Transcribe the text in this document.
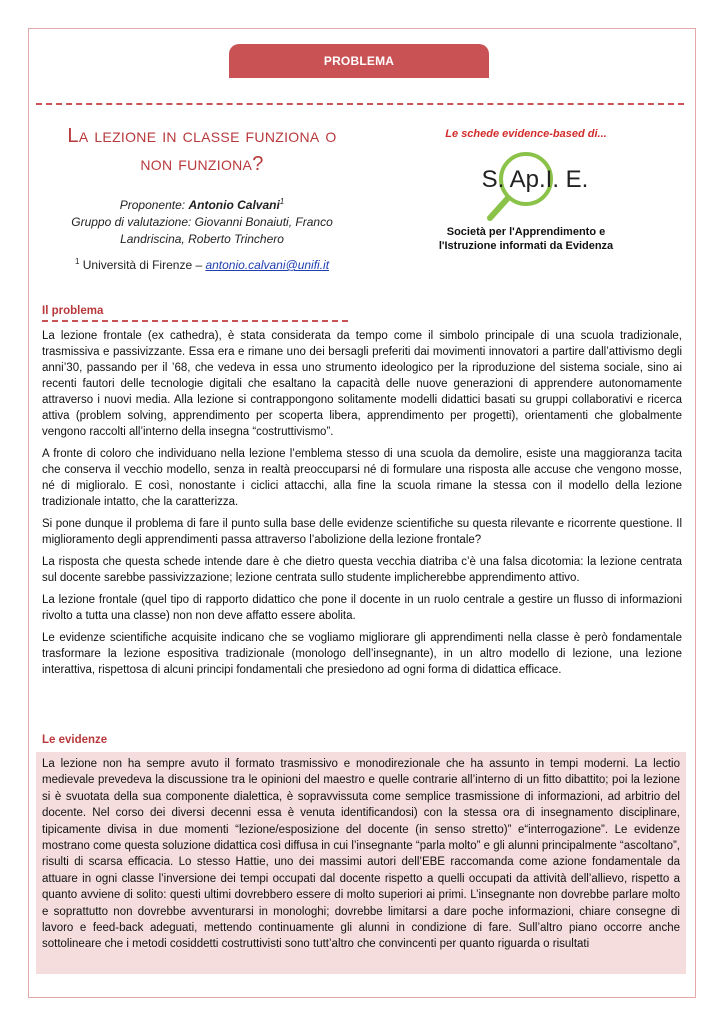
PROBLEMA
La lezione in classe funziona o
non funziona?
Proponente: Antonio Calvani$^1$
Gruppo di valutazione: Giovanni Bonaiuti, Franco Landriscina, Roberto Trinchero
$^1$ Università di Firenze – antonio.calvani@unifi.it
Le schede evidence-based di...
S. Ap.I. E.
Società per l'Apprendimento e
l'Istruzione informati da Evidenza
Il problema

La lezione frontale (ex cathedra), è stata considerata da tempo come il simbolo principale di una scuola tradizionale, trasmissiva e passivizzante. Essa era e rimane uno dei bersagli preferiti dai movimenti innovatori a partire dall’attivismo degli anni’30, passando per il ’68, che vedeva in essa uno strumento ideologico per la riproduzione del sistema sociale, sino ai recenti fautori delle tecnologie digitali che esaltano la capacità delle nuove generazioni di apprendere autonomamente attraverso i nuovi media. Alla lezione si contrappongono solitamente modelli didattici basati su gruppi collaborativi e ricerca attiva (problem solving, apprendimento per scoperta libera, apprendimento per progetti), orientamenti che globalmente vengono raccolti all’interno della insegna “costruttivismo”.

A fronte di coloro che individuano nella lezione l’emblema stesso di una scuola da demolire, esiste una maggioranza tacita che conserva il vecchio modello, senza in realtà preoccuparsi né di formulare una risposta alle accuse che vengono mosse, né di miglioralo. E così, nonostante i ciclici attacchi, alla fine la scuola rimane la stessa con il modello della lezione tradizionale intatto, che la caratterizza.

Si pone dunque il problema di fare il punto sulla base delle evidenze scientifiche su questa rilevante e ricorrente questione. Il miglioramento degli apprendimenti passa attraverso l’abolizione della lezione frontale?

La risposta che questa schede intende dare è che dietro questa vecchia diatriba c’è una falsa dicotomia: la lezione centrata sul docente sarebbe passivizzazione; lezione centrata sullo studente implicherebbe apprendimento attivo.

La lezione frontale (quel tipo di rapporto didattico che pone il docente in un ruolo centrale a gestire un flusso di informazioni rivolto a tutta una classe) non non deve affatto essere abolita.

Le evidenze scientifiche acquisite indicano che se vogliamo migliorare gli apprendimenti nella classe è però fondamentale trasformare la lezione espositiva tradizionale (monologo dell’insegnante), in un altro modello di lezione, una lezione interattiva, rispettosa di alcuni principi fondamentali che presiedono ad ogni forma di didattica efficace.

Le evidenze

La lezione non ha sempre avuto il formato trasmissivo e monodirezionale che ha assunto in tempi moderni. La lectio medievale prevedeva la discussione tra le opinioni del maestro e quelle contrarie all’interno di un fitto dibattito; poi la lezione si è svuotata della sua componente dialettica, è sopravvissuta come semplice trasmissione di informazioni, ad arbitrio del docente. Nel corso dei diversi decenni essa è venuta identificandosi) con la stessa ora di insegnamento disciplinare, tipicamente divisa in due momenti “lezione/esposizione del docente (in senso stretto)” e“interrogazione”. Le evidenze mostrano come questa soluzione didattica così diffusa in cui l’insegnante “parla molto” e gli alunni principalmente “ascoltano”, risulti di scarsa efficacia. Lo stesso Hattie, uno dei massimi autori dell’EBE raccomanda come azione fondamentale da attuare in ogni classe l’inversione dei tempi occupati dal docente rispetto a quelli occupati da attività dell’allievo, rispetto a quanto avviene di solito: questi ultimi dovrebbero essere di molto superiori ai primi. L’insegnante non dovrebbe parlare molto e soprattutto non dovrebbe avventurarsi in monologhi; dovrebbe limitarsi a dare poche informazioni, chiare consegne di lavoro e feed-back adeguati, mettendo continuamente gli alunni in condizione di fare. Sull’altro piano occorre anche sottolineare che i metodi cosiddetti costruttivisti sono tutt’altro che convincenti per quanto riguarda o risultati
